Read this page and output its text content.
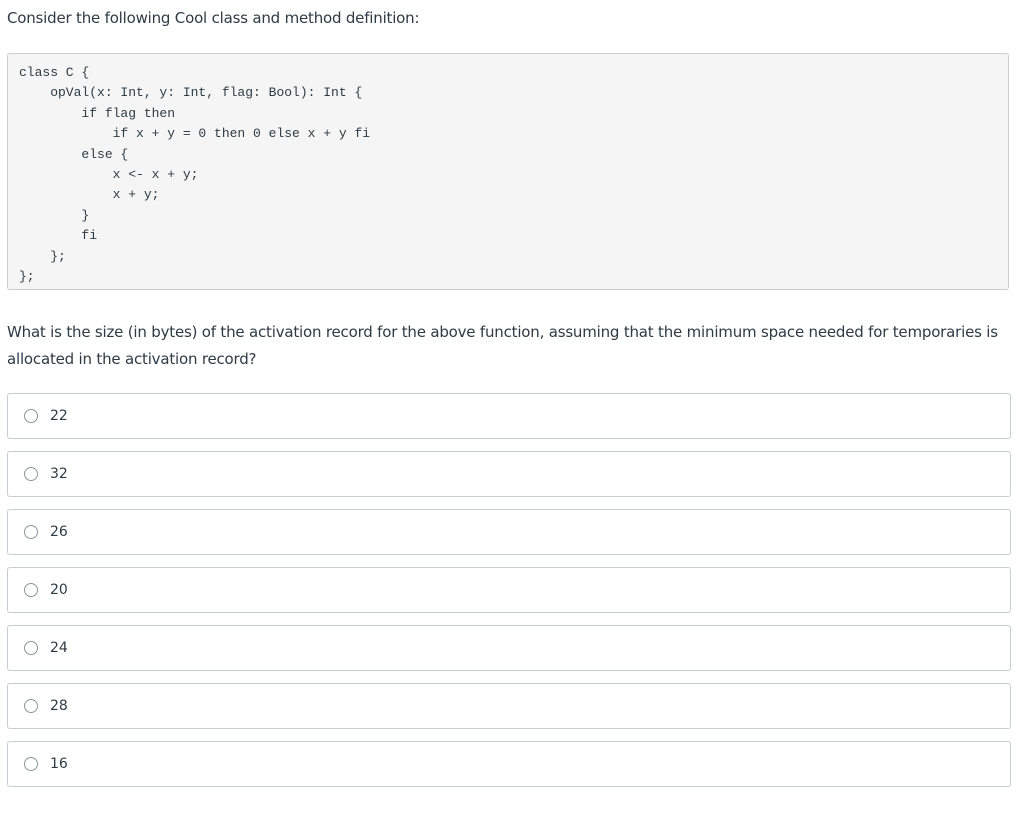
Consider the following Cool class and method definition:

class C {
opVal(x: Int, y: Int, flag: Bool): Int {
if flag then
if x + y = 0 then 0 else x + y fi
else {
x <- x + y;
x + y;
}
fi
};
};

What is the size (in bytes) of the activation record for the above function, assuming that the minimum space needed for temporaries is allocated in the activation record?

22
32
26
20
24
28
16
